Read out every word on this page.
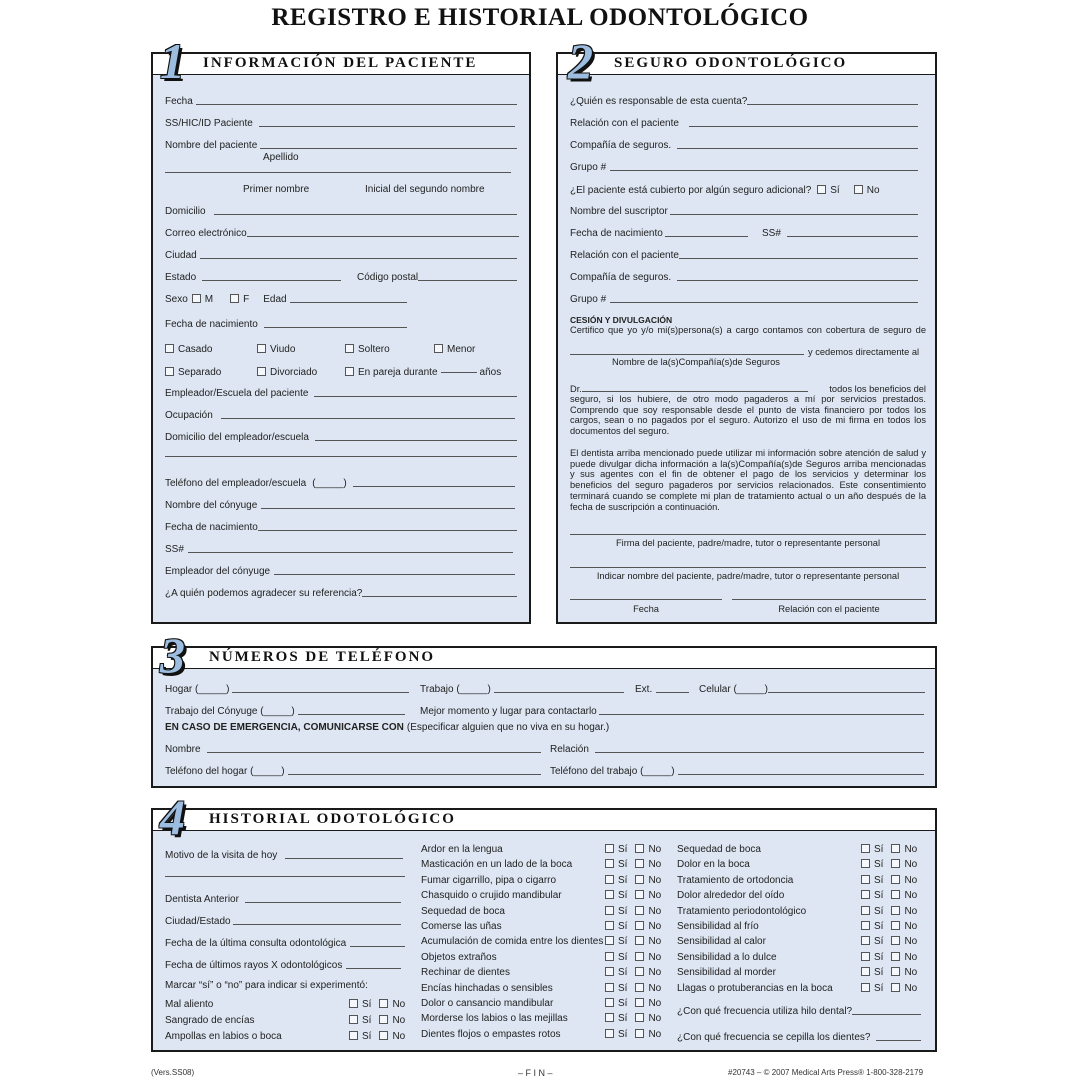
REGISTRO E HISTORIAL ODONTOLÓGICO
1 INFORMACIÓN DEL PACIENTE
Fecha
SS/HIC/ID Paciente
Nombre del paciente
Apellido
Primer nombre	Inicial del segundo nombre
Domicilio
Correo electrónico
Ciudad
Estado	Código postal
Sexo	M	F Edad
Fecha de nacimiento
Casado	Viudo	Soltero	Menor
Separado	Divorciado	En pareja durante	años
Empleador/Escuela del paciente
Ocupación
Domicilio del empleador/escuela
Teléfono del empleador/escuela (_____)
Nombre del cónyuge
Fecha de nacimiento
SS#
Empleador del cónyuge
¿A quién podemos agradecer su referencia?
2 SEGURO ODONTOLÓGICO
¿Quién es responsable de esta cuenta?
Relación con el paciente
Compañía de seguros.
Grupo #
¿El paciente está cubierto por algún seguro adicional?	Sí	No
Nombre del suscriptor
Fecha de nacimiento	SS#
Relación con el paciente
Compañía de seguros.
Grupo #
CESIÓN Y DIVULGACIÓN
Certifico que yo y/o mi(s)persona(s) a cargo contamos con cobertura de seguro de
y cedemos directamente al
Nombre de la(s)Compañía(s)de Seguros
Dr.	todos los beneficios del
seguro, si los hubiere, de otro modo pagaderos a mí por servicios prestados. Comprendo que soy responsable desde el punto de vista financiero por todos los cargos, sean o no pagados por el seguro. Autorizo el uso de mi firma en todos los documentos del seguro.
El dentista arriba mencionado puede utilizar mi información sobre atención de salud y puede divulgar dicha información a la(s)Compañía(s)de Seguros arriba mencionadas y sus agentes con el fin de obtener el pago de los servicios y determinar los beneficios del seguro pagaderos por servicios relacionados. Este consentimiento terminará cuando se complete mi plan de tratamiento actual o un año después de la fecha de suscripción a continuación.
Firma del paciente, padre/madre, tutor o representante personal
Indicar nombre del paciente, padre/madre, tutor o representante personal
Fecha	Relación con el paciente
3 NÚMEROS DE TELÉFONO
Hogar (_____)	Trabajo (_____)	Ext.	Celular (_____)
Trabajo del Cónyuge (_____)	Mejor momento y lugar para contactarlo
EN CASO DE EMERGENCIA, COMUNICARSE CON (Especificar alguien que no viva en su hogar.)
Nombre	Relación
Teléfono del hogar (_____)	Teléfono del trabajo (_____)
4 HISTORIAL ODOTOLÓGICO
Motivo de la visita de hoy
Dentista Anterior
Ciudad/Estado
Fecha de la última consulta odontológica
Fecha de últimos rayos X odontológicos
Marcar “sí” o “no” para indicar si experimentó:
Mal aliento	Sí No
Sangrado de encías	Sí No
Ampollas en labios o boca	Sí No
Ardor en la lengua	Sí No
Masticación en un lado de la boca	Sí No
Fumar cigarrillo, pipa o cigarro	Sí No
Chasquido o crujido mandibular	Sí No
Sequedad de boca	Sí No
Comerse las uñas	Sí No
Acumulación de comida entre los dientes	Sí No
Objetos extraños	Sí No
Rechinar de dientes	Sí No
Encías hinchadas o sensibles	Sí No
Dolor o cansancio mandibular	Sí No
Morderse los labios o las mejillas	Sí No
Dientes flojos o empastes rotos	Sí No
Sequedad de boca	Sí No
Dolor en la boca	Sí No
Tratamiento de ortodoncia	Sí No
Dolor alrededor del oído	Sí No
Tratamiento periodontológico	Sí No
Sensibilidad al frío	Sí No
Sensibilidad al calor	Sí No
Sensibilidad a lo dulce	Sí No
Sensibilidad al morder	Sí No
Llagas o protuberancias en la boca	Sí No
¿Con qué frecuencia utiliza hilo dental?
¿Con qué frecuencia se cepilla los dientes?
(Vers.SS08)	– F I N –	#20743 – © 2007 Medical Arts Press® 1-800-328-2179
